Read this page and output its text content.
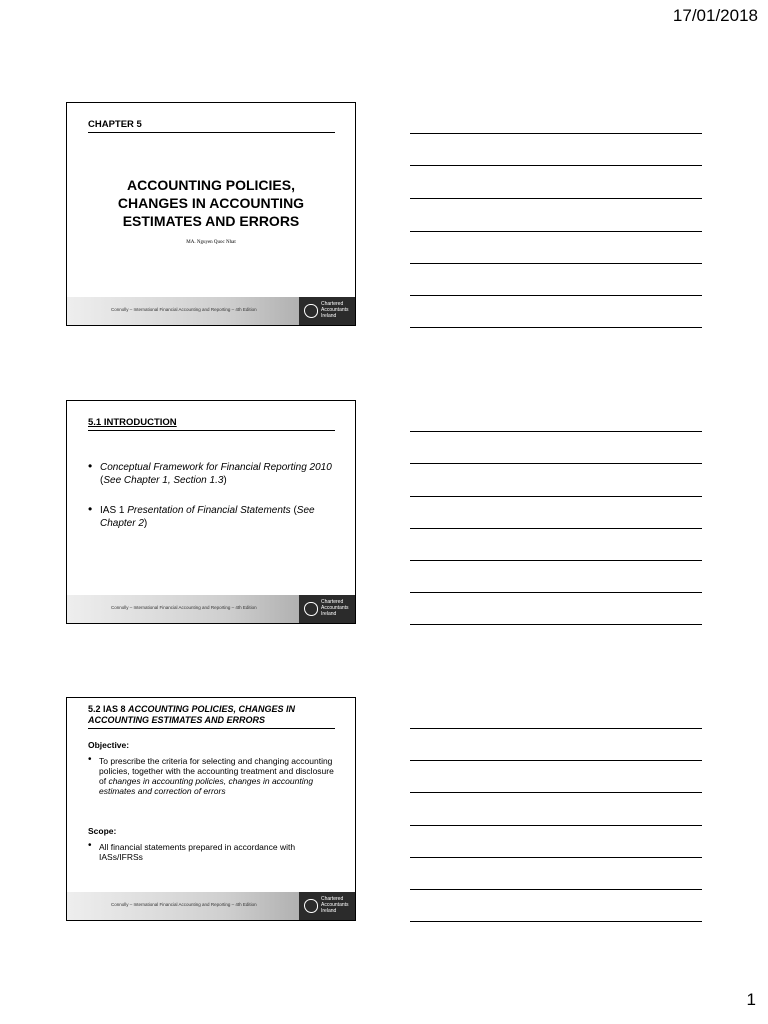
17/01/2018
CHAPTER 5
ACCOUNTING POLICIES,
CHANGES IN ACCOUNTING
ESTIMATES AND ERRORS
MA. Nguyen Quoc Nhat
Connolly – International Financial Accounting and Reporting – 4th Edition
Chartered
Accountants
Ireland
5.1 INTRODUCTION
• Conceptual Framework for Financial Reporting 2010 (See Chapter 1, Section 1.3)
• IAS 1 Presentation of Financial Statements (See Chapter 2)
Connolly – International Financial Accounting and Reporting – 4th Edition
Chartered
Accountants
Ireland
5.2 IAS 8 ACCOUNTING POLICIES, CHANGES IN ACCOUNTING ESTIMATES AND ERRORS
Objective:
• To prescribe the criteria for selecting and changing accounting policies, together with the accounting treatment and disclosure of changes in accounting policies, changes in accounting estimates and correction of errors
Scope:
• All financial statements prepared in accordance with IASs/IFRSs
Connolly – International Financial Accounting and Reporting – 4th Edition
Chartered
Accountants
Ireland
1
